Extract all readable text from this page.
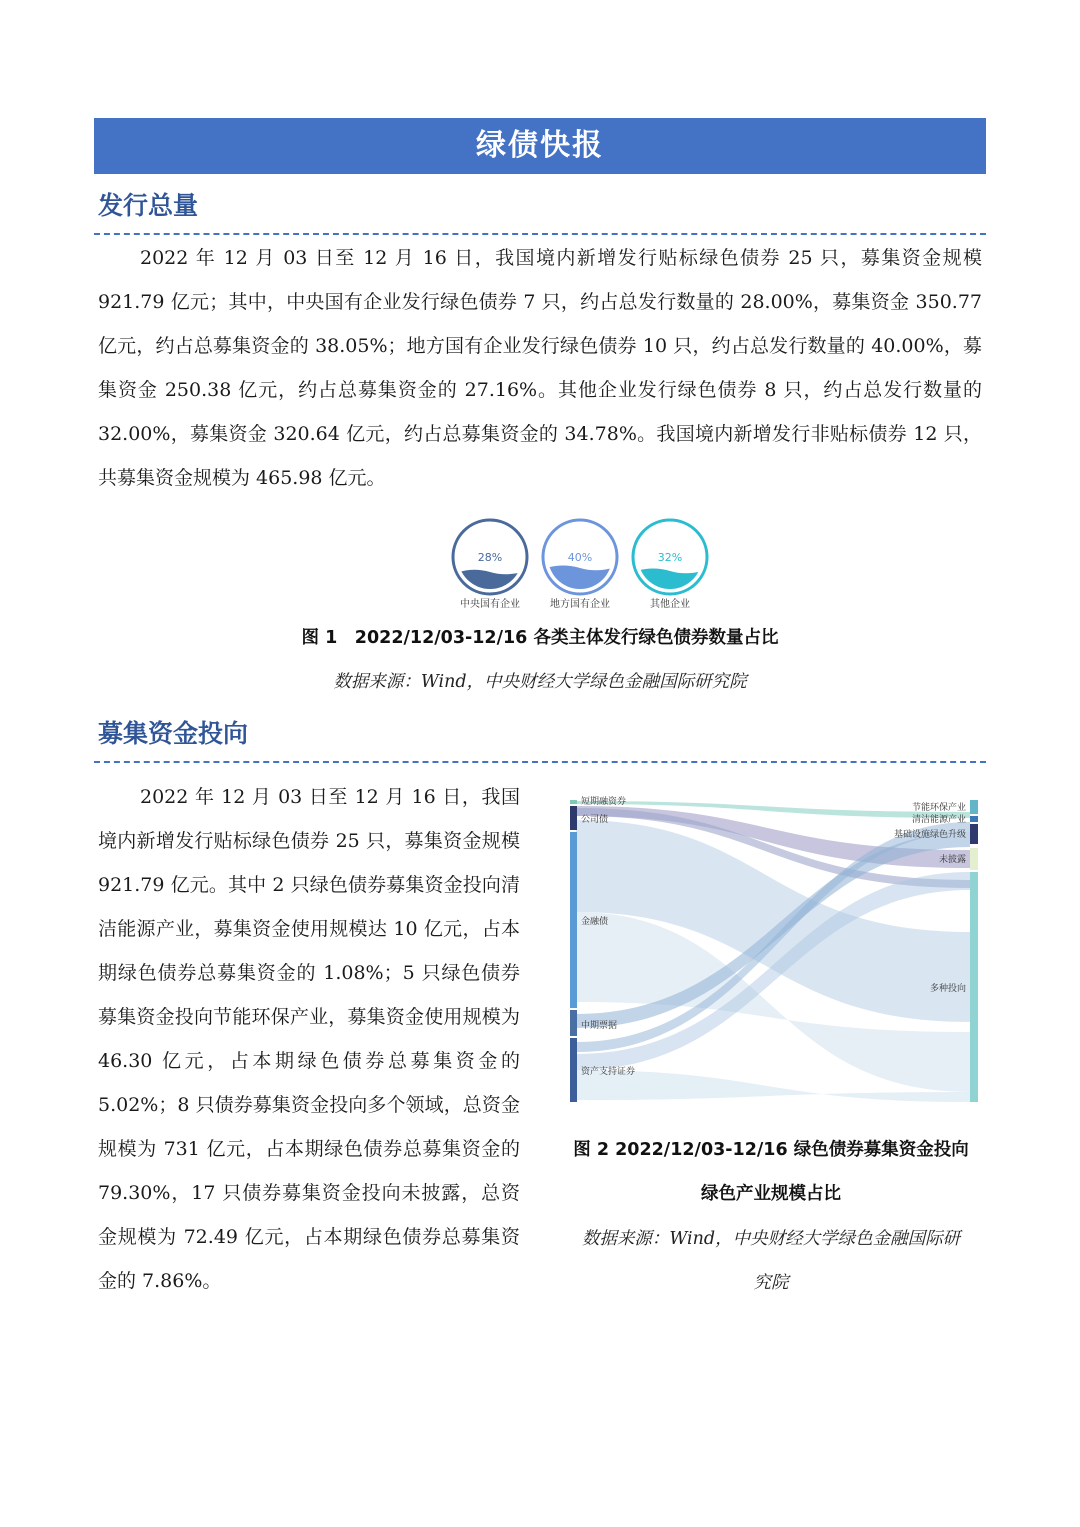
绿债快报
发行总量

2022 年 12 月 03 日至 12 月 16 日，我国境内新增发行贴标绿色债券 25 只，募集资金规模 921.79 亿元；其中，中央国有企业发行绿色债券 7 只，约占总发行数量的 28.00%，募集资金 350.77 亿元，约占总募集资金的 38.05%；地方国有企业发行绿色债券 10 只，约占总发行数量的 40.00%，募集资金 250.38 亿元，约占总募集资金的 27.16%。其他企业发行绿色债券 8 只，约占总发行数量的 32.00%，募集资金 320.64 亿元，约占总募集资金的 34.78%。我国境内新增发行非贴标债券 12 只，共募集资金规模为 465.98 亿元。

28%
中央国有企业
40%
地方国有企业
32%
其他企业
图 1　2022/12/03-12/16 各类主体发行绿色债券数量占比
数据来源：Wind，中央财经大学绿色金融国际研究院
募集资金投向

2022 年 12 月 03 日至 12 月 16 日，我国境内新增发行贴标绿色债券 25 只，募集资金规模 921.79 亿元。其中 2 只绿色债券募集资金投向清洁能源产业，募集资金使用规模达 10 亿元，占本期绿色债券总募集资金的 1.08%；5 只绿色债券募集资金投向节能环保产业，募集资金使用规模为 46.30 亿元，占本期绿色债券总募集资金的 5.02%；8 只债券募集资金投向多个领域，总资金规模为 731 亿元，占本期绿色债券总募集资金的 79.30%，17 只债券募集资金投向未披露，总资金规模为 72.49 亿元，占本期绿色债券总募集资金的 7.86%。

短期融资券
公司债
金融债
中期票据
资产支持证券
节能环保产业
清洁能源产业
基础设施绿色升级
未披露
多种投向
图 2 2022/12/03-12/16 绿色债券募集资金投向
绿色产业规模占比
数据来源：Wind，中央财经大学绿色金融国际研
究院
